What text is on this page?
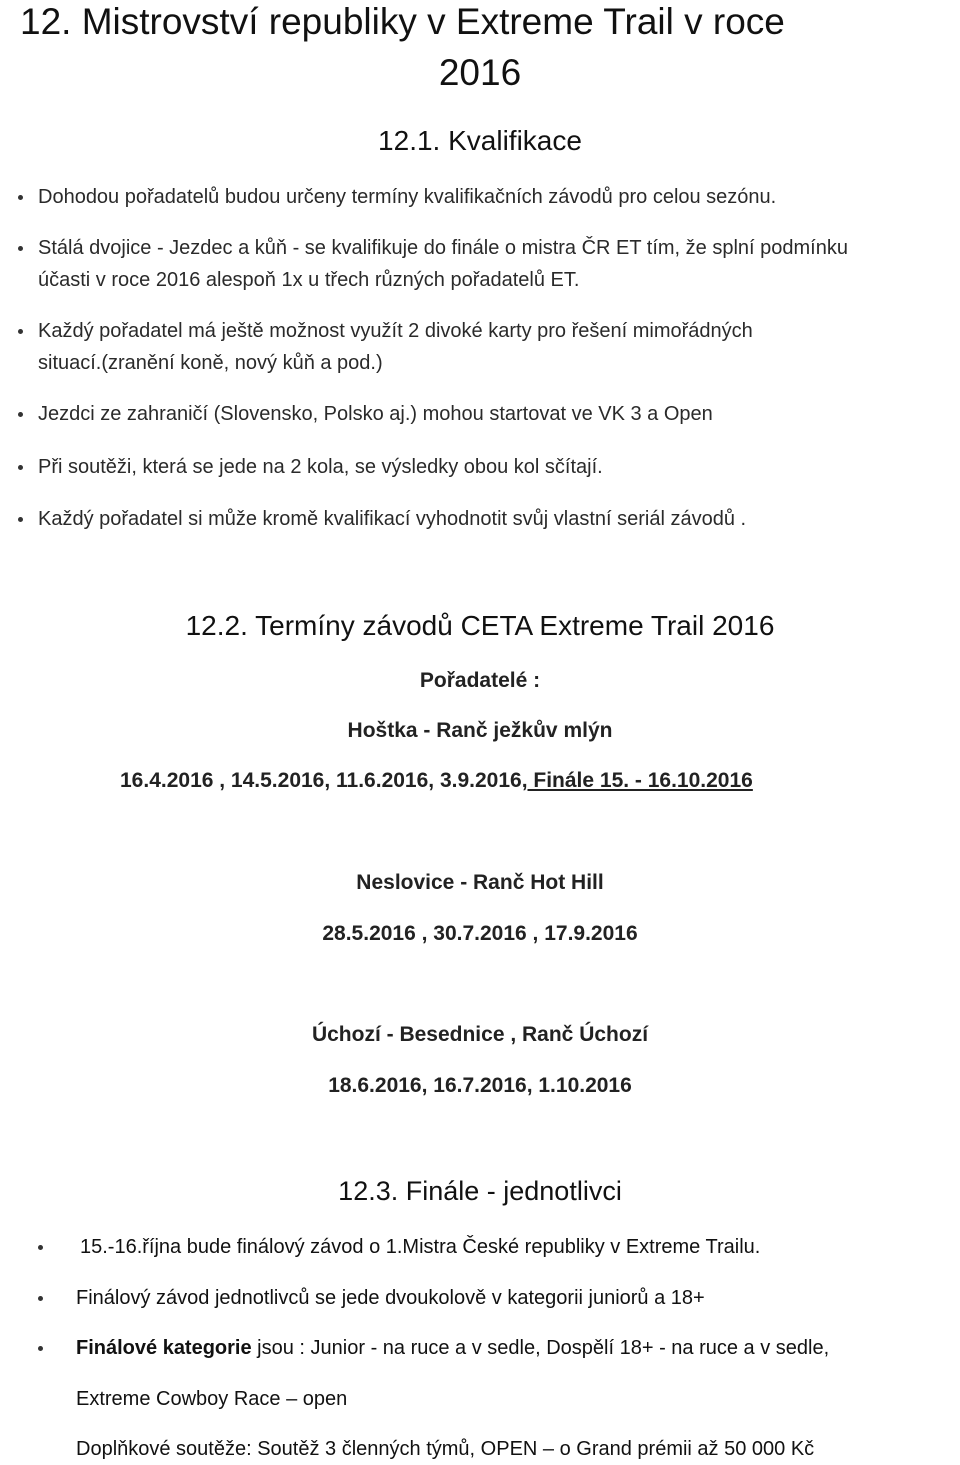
12. Mistrovství republiky v Extreme Trail v roce
2016
12.1. Kvalifikace
Dohodou pořadatelů budou určeny termíny kvalifikačních závodů pro celou sezónu.
Stálá dvojice - Jezdec a kůň - se kvalifikuje do finále o mistra ČR ET tím, že splní podmínku
účasti v roce 2016 alespoň 1x u třech různých pořadatelů ET.
Každý pořadatel má ještě možnost využít 2 divoké karty pro řešení mimořádných
situací.(zranění koně, nový kůň a pod.)
Jezdci ze zahraničí (Slovensko, Polsko aj.) mohou startovat ve VK 3 a Open
Při soutěži, která se jede na 2 kola, se výsledky obou kol sčítají.
Každý pořadatel si může kromě kvalifikací vyhodnotit svůj vlastní seriál závodů .
12.2. Termíny závodů CETA Extreme Trail 2016
Pořadatelé :
Hoštka - Ranč ježkův mlýn
16.4.2016 , 14.5.2016, 11.6.2016, 3.9.2016, Finále 15. - 16.10.2016
Neslovice - Ranč Hot Hill
28.5.2016 , 30.7.2016 , 17.9.2016
Úchozí - Besednice , Ranč Úchozí
18.6.2016, 16.7.2016, 1.10.2016
12.3. Finále - jednotlivci
15.-16.října bude finálový závod o 1.Mistra České republiky v Extreme Trailu.
Finálový závod jednotlivců se jede dvoukolově v kategorii juniorů a 18+
Finálové kategorie jsou : Junior - na ruce a v sedle, Dospělí 18+ - na ruce a v sedle,
Extreme Cowboy Race – open
Doplňkové soutěže: Soutěž 3 členných týmů, OPEN – o Grand prémii až 50 000 Kč
